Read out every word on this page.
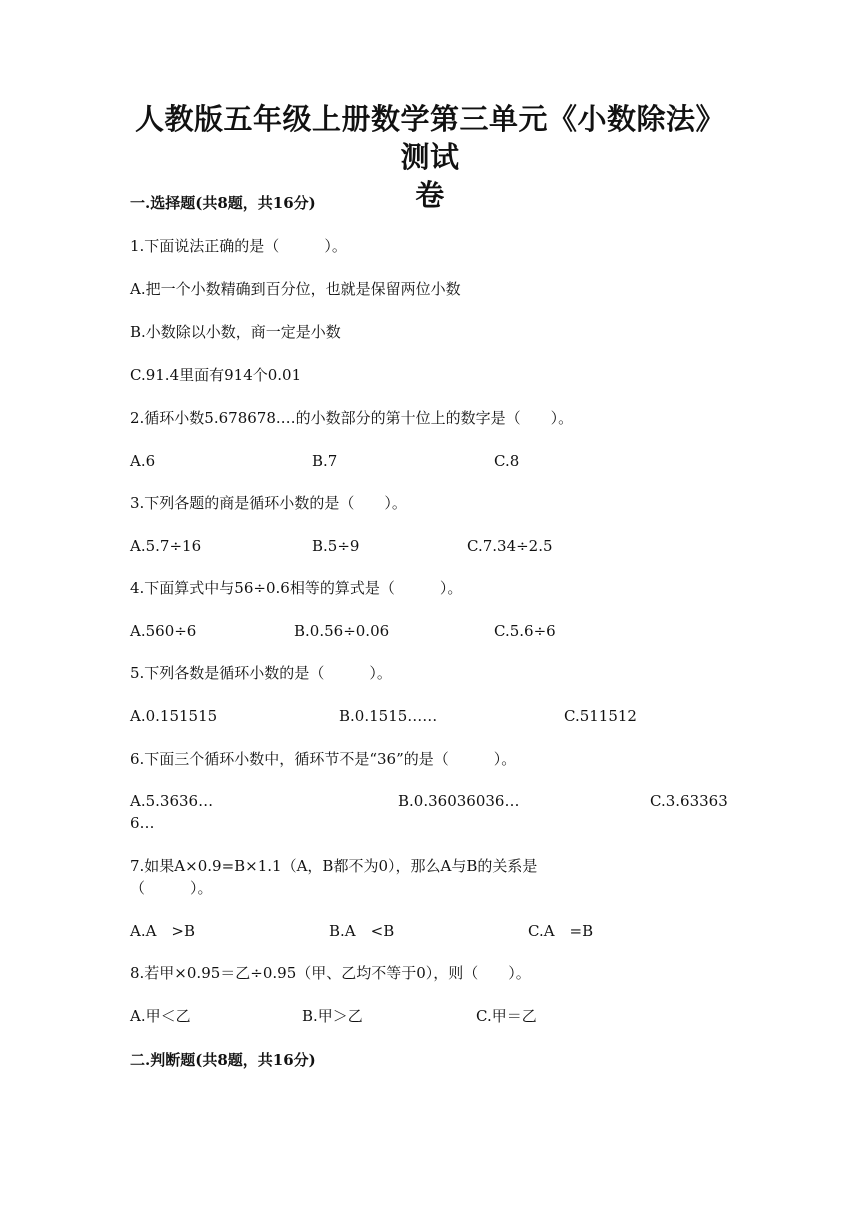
人教版五年级上册数学第三单元《小数除法》测试
卷
一.选择题(共8题，共16分)
1.下面说法正确的是（　　　）。
A.把一个小数精确到百分位，也就是保留两位小数
B.小数除以小数，商一定是小数
C.91.4里面有914个0.01
2.循环小数5.678678.…的小数部分的第十位上的数字是（　　）。
A.6	B.7	C.8
3.下列各题的商是循环小数的是（　　）。
A.5.7÷16	B.5÷9	C.7.34÷2.5
4.下面算式中与56÷0.6相等的算式是（　　　）。
A.560÷6	B.0.56÷0.06	C.5.6÷6
5.下列各数是循环小数的是（　　　）。
A.0.151515	B.0.1515……	C.511512
6.下面三个循环小数中，循环节不是“36”的是（　　　）。
A.5.3636…	B.0.36036036…	C.3.63363
6…
7.如果A×0.9=B×1.1（A，B都不为0），那么A与B的关系是
（　　　）。
A.A　>B	B.A　<B	C.A　=B
8.若甲×0.95＝乙÷0.95（甲、乙均不等于0），则（　　）。
A.甲＜乙	B.甲＞乙	C.甲＝乙
二.判断题(共8题，共16分)
